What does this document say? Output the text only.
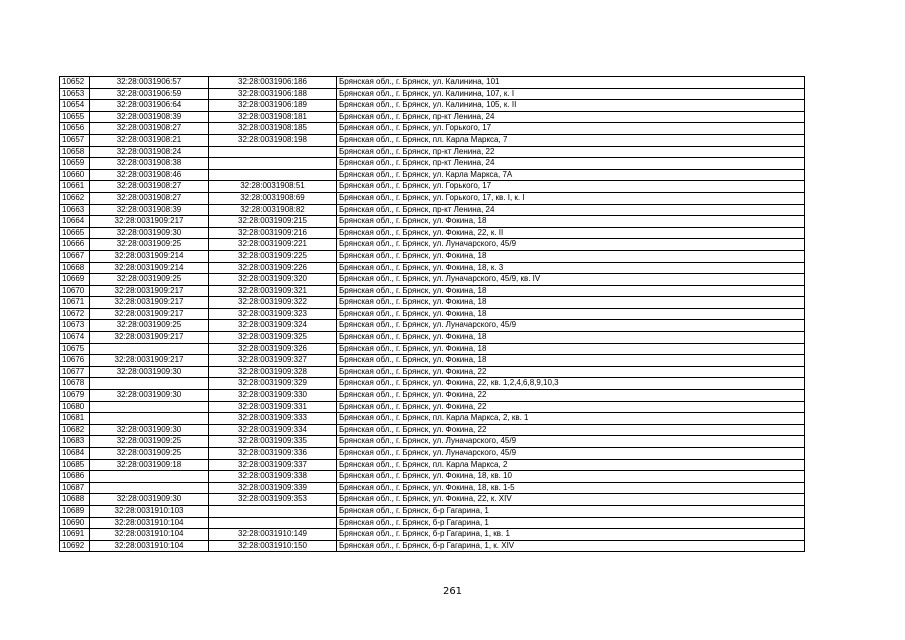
10652	32:28:0031906:57	32:28:0031906:186	Брянская обл., г. Брянск, ул. Калинина, 101
10653	32:28:0031906:59	32:28:0031906:188	Брянская обл., г. Брянск, ул. Калинина, 107, к. I
10654	32:28:0031906:64	32:28:0031906:189	Брянская обл., г. Брянск, ул. Калинина, 105, к. II
10655	32:28:0031908:39	32:28:0031908:181	Брянская обл., г. Брянск, пр-кт Ленина, 24
10656	32:28:0031908:27	32:28:0031908:185	Брянская обл., г. Брянск, ул. Горького, 17
10657	32:28:0031908:21	32:28:0031908:198	Брянская обл., г. Брянск, пл. Карла Маркса, 7
10658	32:28:0031908:24		Брянская обл., г. Брянск, пр-кт Ленина, 22
10659	32:28:0031908:38		Брянская обл., г. Брянск, пр-кт Ленина, 24
10660	32:28:0031908:46		Брянская обл., г. Брянск, ул. Карла Маркса, 7А
10661	32:28:0031908:27	32:28:0031908:51	Брянская обл., г. Брянск, ул. Горького, 17
10662	32:28:0031908:27	32:28:0031908:69	Брянская обл., г. Брянск, ул. Горького, 17, кв. I, к. I
10663	32:28:0031908:39	32:28:0031908:82	Брянская обл., г. Брянск, пр-кт Ленина, 24
10664	32:28:0031909:217	32:28:0031909:215	Брянская обл., г. Брянск, ул. Фокина, 18
10665	32:28:0031909:30	32:28:0031909:216	Брянская обл., г. Брянск, ул. Фокина, 22, к. II
10666	32:28:0031909:25	32:28:0031909:221	Брянская обл., г. Брянск, ул. Луначарского, 45/9
10667	32:28:0031909:214	32:28:0031909:225	Брянская обл., г. Брянск, ул. Фокина, 18
10668	32:28:0031909:214	32:28:0031909:226	Брянская обл., г. Брянск, ул. Фокина, 18, к. 3
10669	32:28:0031909:25	32:28:0031909:320	Брянская обл., г. Брянск, ул. Луначарского, 45/9, кв. IV
10670	32:28:0031909:217	32:28:0031909:321	Брянская обл., г. Брянск, ул. Фокина, 18
10671	32:28:0031909:217	32:28:0031909:322	Брянская обл., г. Брянск, ул. Фокина, 18
10672	32:28:0031909:217	32:28:0031909:323	Брянская обл., г. Брянск, ул. Фокина, 18
10673	32:28:0031909:25	32:28:0031909:324	Брянская обл., г. Брянск, ул. Луначарского, 45/9
10674	32:28:0031909:217	32:28:0031909:325	Брянская обл., г. Брянск, ул. Фокина, 18
10675		32:28:0031909:326	Брянская обл., г. Брянск, ул. Фокина, 18
10676	32:28:0031909:217	32:28:0031909:327	Брянская обл., г. Брянск, ул. Фокина, 18
10677	32:28:0031909:30	32:28:0031909:328	Брянская обл., г. Брянск, ул. Фокина, 22
10678		32:28:0031909:329	Брянская обл., г. Брянск, ул. Фокина, 22, кв. 1,2,4,6,8,9,10,3
10679	32:28:0031909:30	32:28:0031909:330	Брянская обл., г. Брянск, ул. Фокина, 22
10680		32:28:0031909:331	Брянская обл., г. Брянск, ул. Фокина, 22
10681		32:28:0031909:333	Брянская обл., г. Брянск, пл. Карла Маркса, 2, кв. 1
10682	32:28:0031909:30	32:28:0031909:334	Брянская обл., г. Брянск, ул. Фокина, 22
10683	32:28:0031909:25	32:28:0031909:335	Брянская обл., г. Брянск, ул. Луначарского, 45/9
10684	32:28:0031909:25	32:28:0031909:336	Брянская обл., г. Брянск, ул. Луначарского, 45/9
10685	32:28:0031909:18	32:28:0031909:337	Брянская обл., г. Брянск, пл. Карла Маркса, 2
10686		32:28:0031909:338	Брянская обл., г. Брянск, ул. Фокина, 18, кв. 10
10687		32:28:0031909:339	Брянская обл., г. Брянск, ул. Фокина, 18, кв. 1-5
10688	32:28:0031909:30	32:28:0031909:353	Брянская обл., г. Брянск, ул. Фокина, 22, к. XIV
10689	32:28:0031910:103		Брянская обл., г. Брянск, б-р Гагарина, 1
10690	32:28:0031910:104		Брянская обл., г. Брянск, б-р Гагарина, 1
10691	32:28:0031910:104	32:28:0031910:149	Брянская обл., г. Брянск, б-р Гагарина, 1, кв. 1
10692	32:28:0031910:104	32:28:0031910:150	Брянская обл., г. Брянск, б-р Гагарина, 1, к. XIV
261
